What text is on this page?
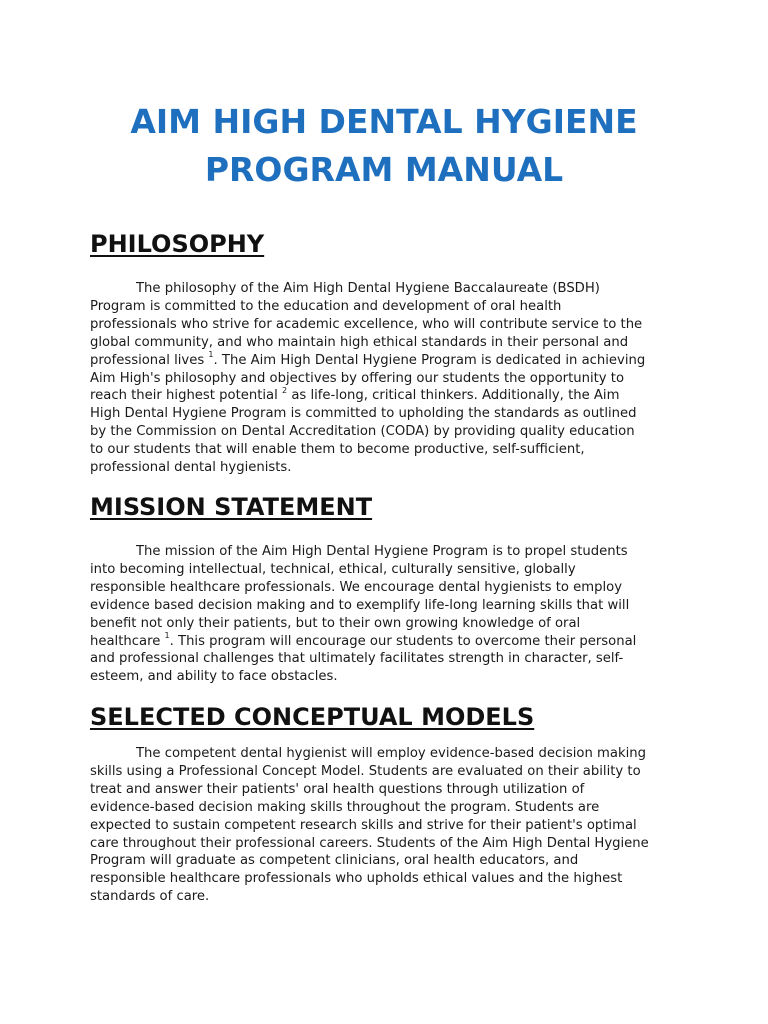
AIM HIGH DENTAL HYGIENE
PROGRAM MANUAL
PHILOSOPHY
The philosophy of the Aim High Dental Hygiene Baccalaureate (BSDH)
Program is committed to the education and development of oral health
professionals who strive for academic excellence, who will contribute service to the
global community, and who maintain high ethical standards in their personal and
professional lives $^1$. The Aim High Dental Hygiene Program is dedicated in achieving
Aim High's philosophy and objectives by offering our students the opportunity to
reach their highest potential $^2$ as life-long, critical thinkers. Additionally, the Aim
High Dental Hygiene Program is committed to upholding the standards as outlined
by the Commission on Dental Accreditation (CODA) by providing quality education
to our students that will enable them to become productive, self-sufficient,
professional dental hygienists.
MISSION STATEMENT
The mission of the Aim High Dental Hygiene Program is to propel students
into becoming intellectual, technical, ethical, culturally sensitive, globally
responsible healthcare professionals. We encourage dental hygienists to employ
evidence based decision making and to exemplify life-long learning skills that will
benefit not only their patients, but to their own growing knowledge of oral
healthcare $^1$. This program will encourage our students to overcome their personal
and professional challenges that ultimately facilitates strength in character, self-
esteem, and ability to face obstacles.
SELECTED CONCEPTUAL MODELS
The competent dental hygienist will employ evidence-based decision making
skills using a Professional Concept Model. Students are evaluated on their ability to
treat and answer their patients' oral health questions through utilization of
evidence-based decision making skills throughout the program. Students are
expected to sustain competent research skills and strive for their patient's optimal
care throughout their professional careers. Students of the Aim High Dental Hygiene
Program will graduate as competent clinicians, oral health educators, and
responsible healthcare professionals who upholds ethical values and the highest
standards of care.
